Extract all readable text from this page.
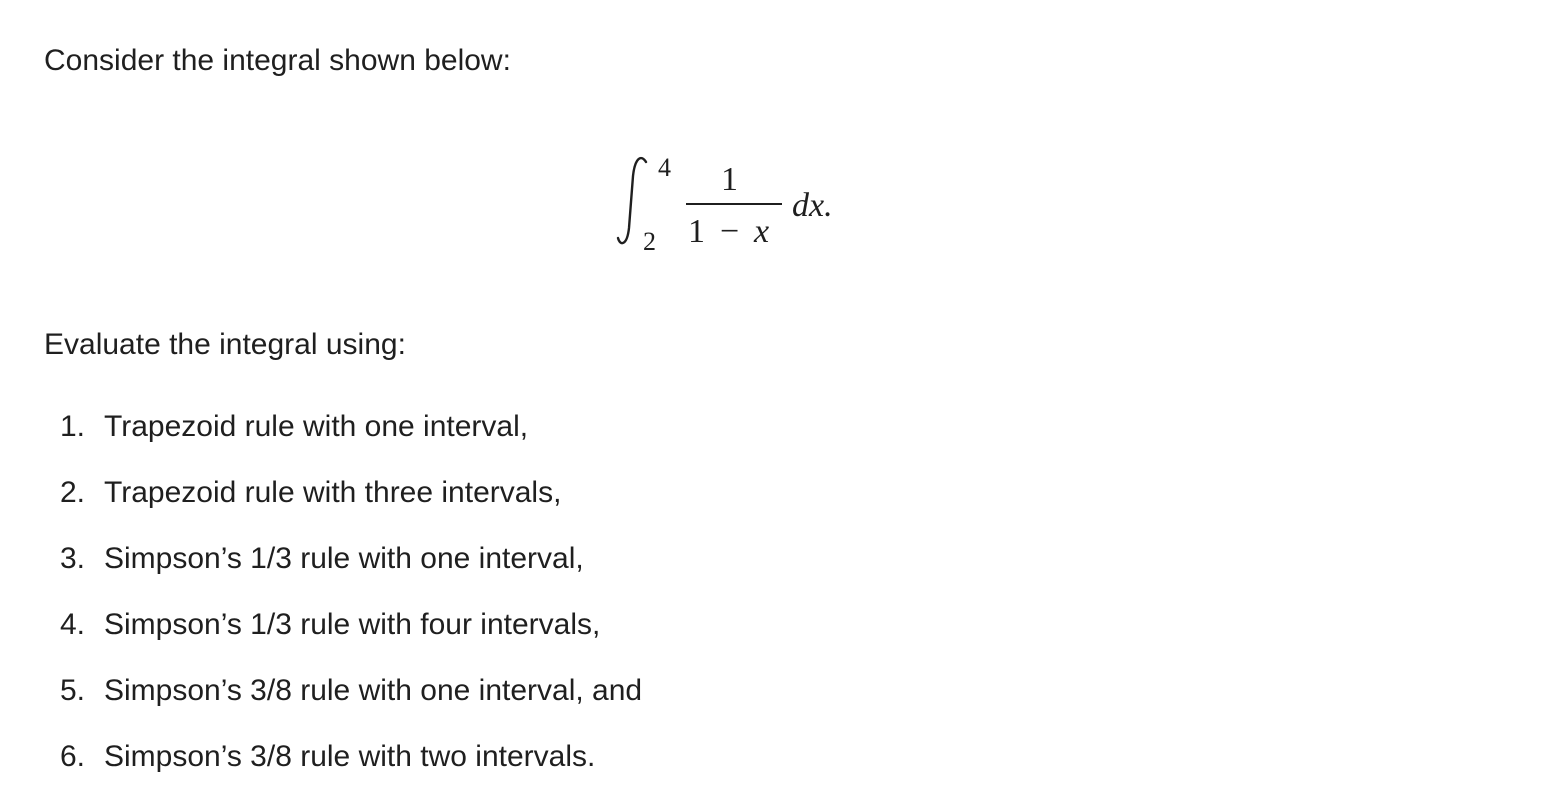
Consider the integral shown below:

4
2
1
1 − x
dx.

Evaluate the integral using:

1. Trapezoid rule with one interval,
2. Trapezoid rule with three intervals,
3. Simpson’s 1/3 rule with one interval,
4. Simpson’s 1/3 rule with four intervals,
5. Simpson’s 3/8 rule with one interval, and
6. Simpson’s 3/8 rule with two intervals.
